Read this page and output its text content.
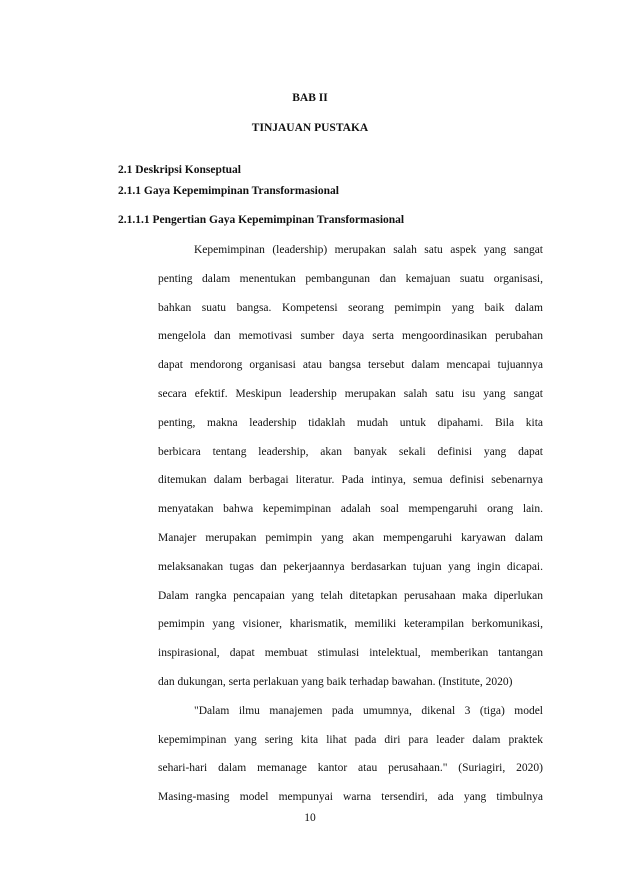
BAB II
TINJAUAN PUSTAKA
2.1 Deskripsi Konseptual
2.1.1 Gaya Kepemimpinan Transformasional
2.1.1.1 Pengertian Gaya Kepemimpinan Transformasional
Kepemimpinan (leadership) merupakan salah satu aspek yang sangat
penting dalam menentukan pembangunan dan kemajuan suatu organisasi,
bahkan suatu bangsa. Kompetensi seorang pemimpin yang baik dalam
mengelola dan memotivasi sumber daya serta mengoordinasikan perubahan
dapat mendorong organisasi atau bangsa tersebut dalam mencapai tujuannya
secara efektif. Meskipun leadership merupakan salah satu isu yang sangat
penting, makna leadership tidaklah mudah untuk dipahami. Bila kita
berbicara tentang leadership, akan banyak sekali definisi yang dapat
ditemukan dalam berbagai literatur. Pada intinya, semua definisi sebenarnya
menyatakan bahwa kepemimpinan adalah soal mempengaruhi orang lain.
Manajer merupakan pemimpin yang akan mempengaruhi karyawan dalam
melaksanakan tugas dan pekerjaannya berdasarkan tujuan yang ingin dicapai.
Dalam rangka pencapaian yang telah ditetapkan perusahaan maka diperlukan
pemimpin yang visioner, kharismatik, memiliki keterampilan berkomunikasi,
inspirasional, dapat membuat stimulasi intelektual, memberikan tantangan
dan dukungan, serta perlakuan yang baik terhadap bawahan. (Institute, 2020)
"Dalam ilmu manajemen pada umumnya, dikenal 3 (tiga) model
kepemimpinan yang sering kita lihat pada diri para leader dalam praktek
sehari-hari dalam memanage kantor atau perusahaan." (Suriagiri, 2020)
Masing-masing model mempunyai warna tersendiri, ada yang timbulnya
10
